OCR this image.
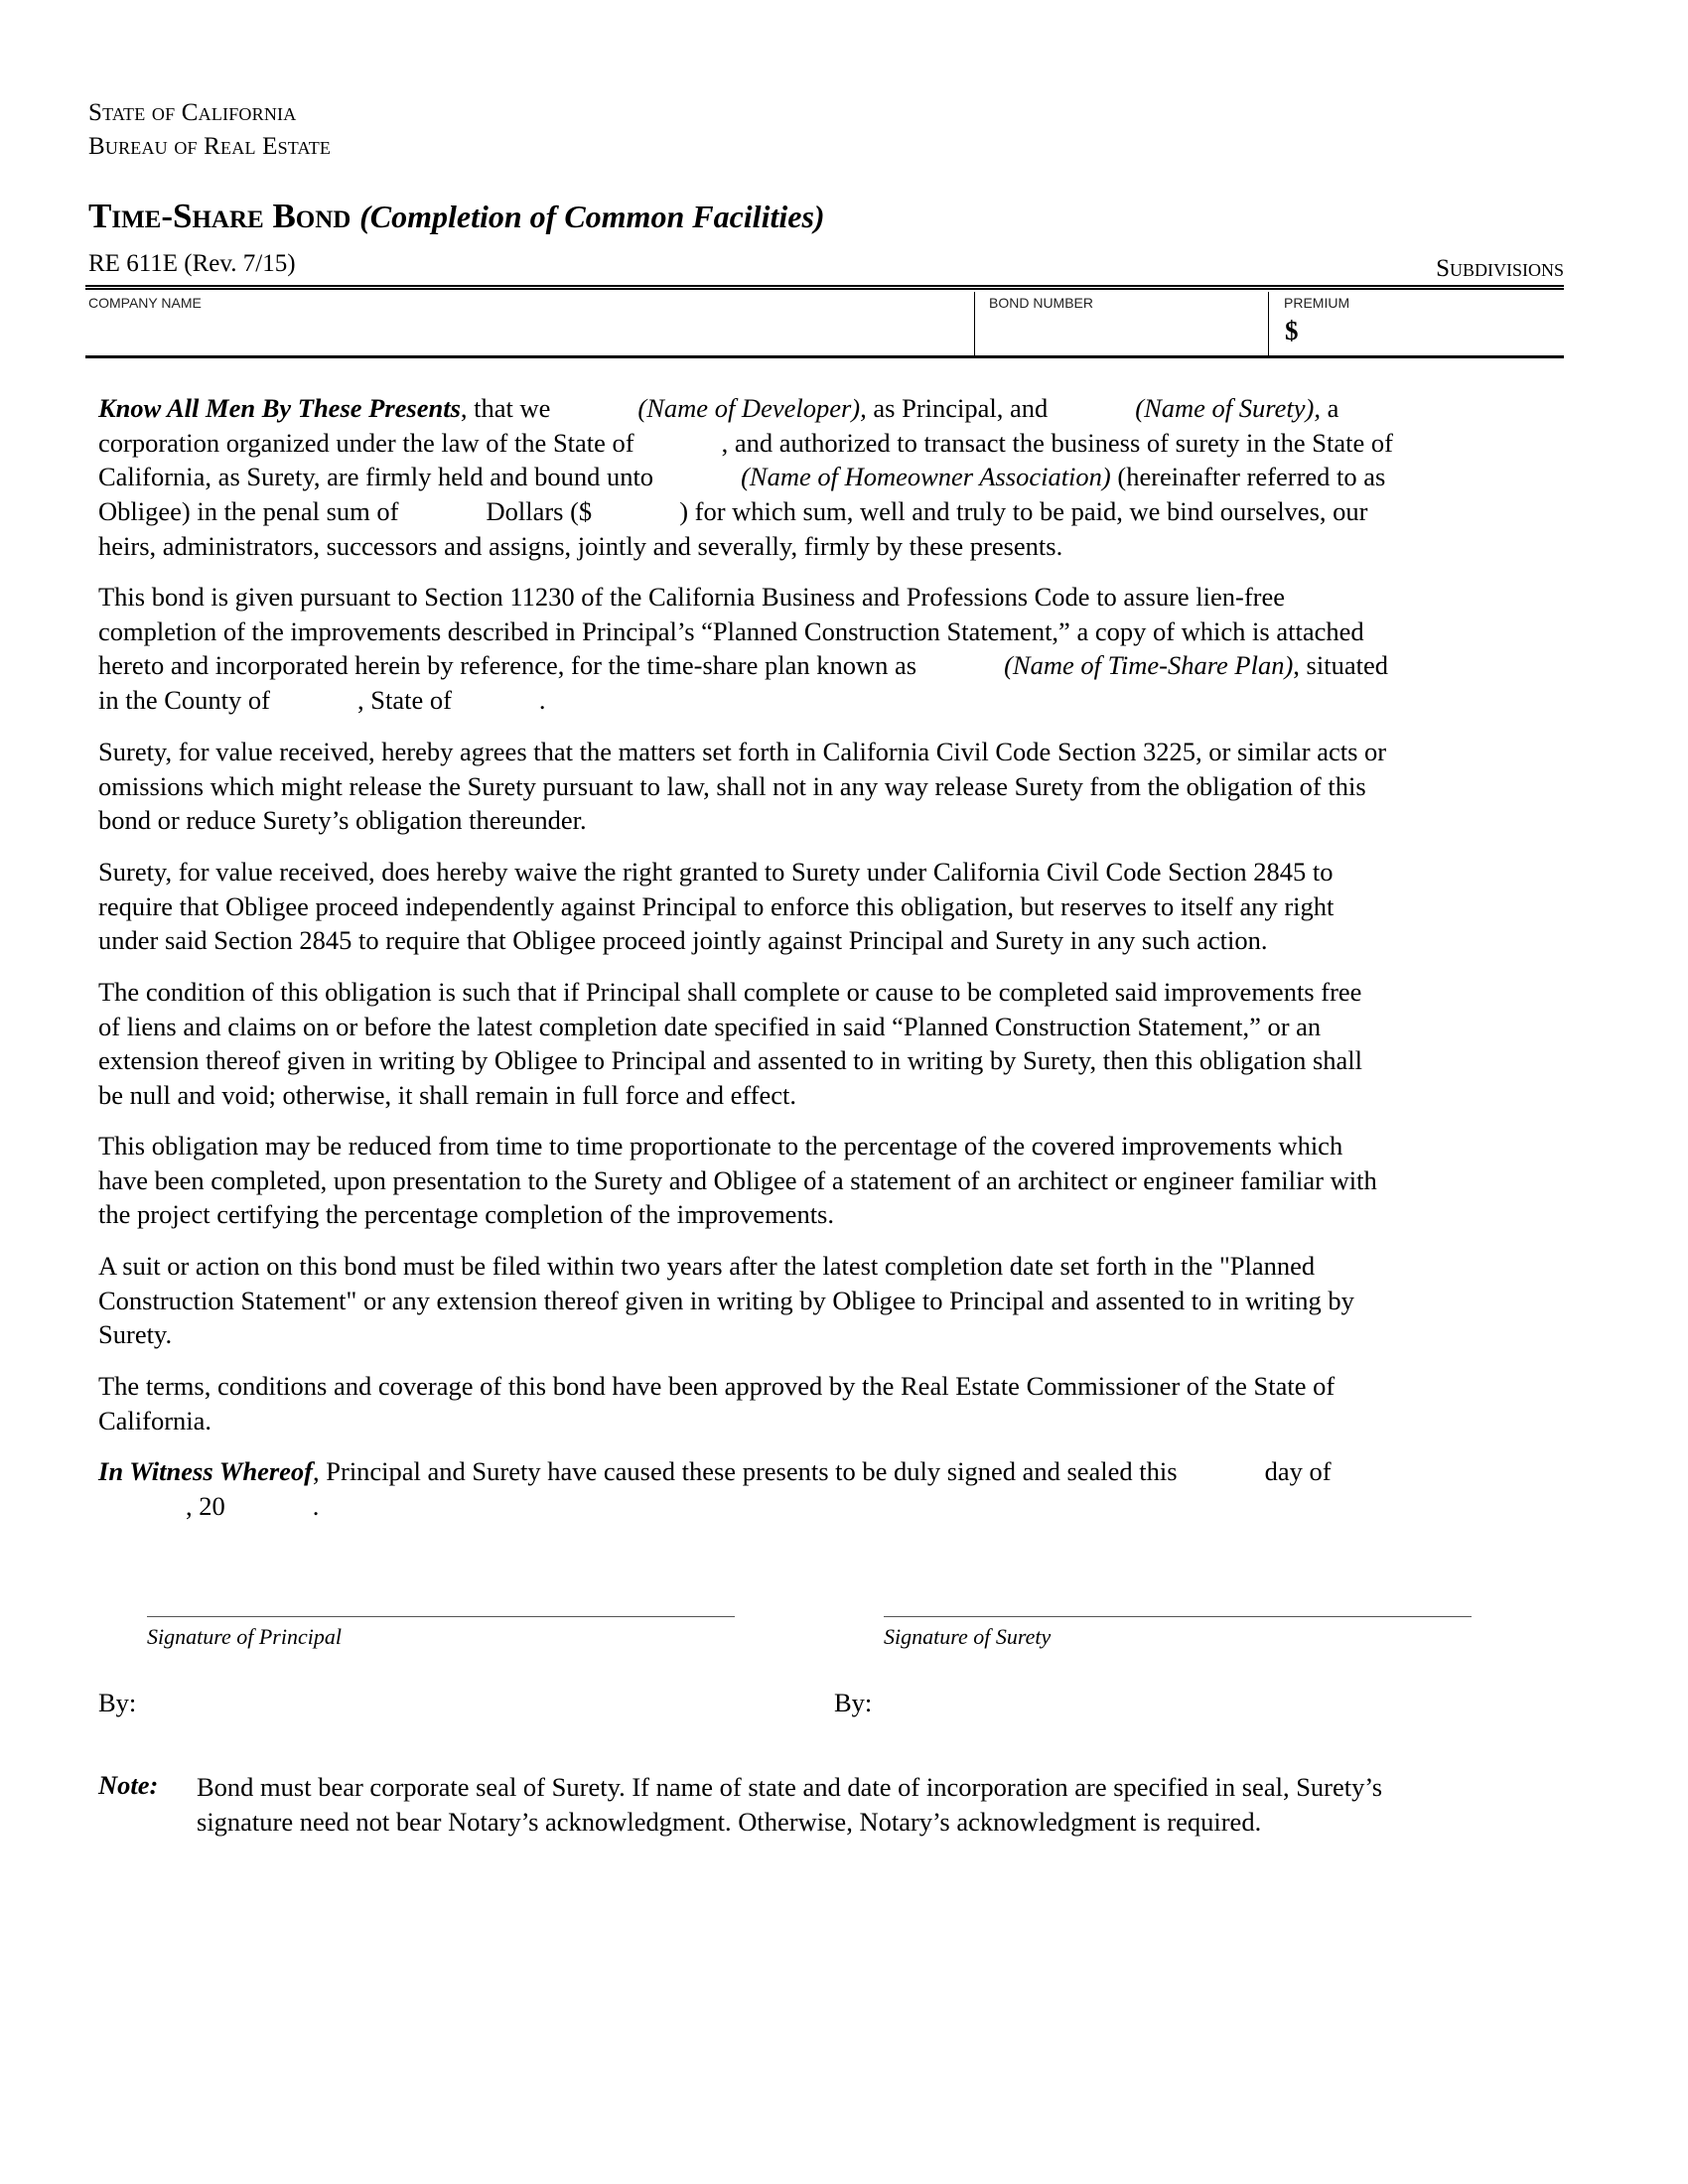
State of California
Bureau of Real Estate
Time-Share Bond (Completion of Common Facilities)
RE 611E (Rev. 7/15)	Subdivisions
COMPANY NAME	BOND NUMBER	PREMIUM
$
Know All Men By These Presents, that we	(Name of Developer), as Principal, and	(Name of Surety), a
corporation organized under the law of the State of	, and authorized to transact the business of surety in the State of
California, as Surety, are firmly held and bound unto	(Name of Homeowner Association) (hereinafter referred to as
Obligee) in the penal sum of	Dollars ($	) for which sum, well and truly to be paid, we bind ourselves, our
heirs, administrators, successors and assigns, jointly and severally, firmly by these presents.
This bond is given pursuant to Section 11230 of the California Business and Professions Code to assure lien-free
completion of the improvements described in Principal’s “Planned Construction Statement,” a copy of which is attached
hereto and incorporated herein by reference, for the time-share plan known as	(Name of Time-Share Plan), situated
in the County of	, State of	.
Surety, for value received, hereby agrees that the matters set forth in California Civil Code Section 3225, or similar acts or
omissions which might release the Surety pursuant to law, shall not in any way release Surety from the obligation of this
bond or reduce Surety’s obligation thereunder.
Surety, for value received, does hereby waive the right granted to Surety under California Civil Code Section 2845 to
require that Obligee proceed independently against Principal to enforce this obligation, but reserves to itself any right
under said Section 2845 to require that Obligee proceed jointly against Principal and Surety in any such action.
The condition of this obligation is such that if Principal shall complete or cause to be completed said improvements free
of liens and claims on or before the latest completion date specified in said “Planned Construction Statement,” or an
extension thereof given in writing by Obligee to Principal and assented to in writing by Surety, then this obligation shall
be null and void; otherwise, it shall remain in full force and effect.
This obligation may be reduced from time to time proportionate to the percentage of the covered improvements which
have been completed, upon presentation to the Surety and Obligee of a statement of an architect or engineer familiar with
the project certifying the percentage completion of the improvements.
A suit or action on this bond must be filed within two years after the latest completion date set forth in the "Planned
Construction Statement" or any extension thereof given in writing by Obligee to Principal and assented to in writing by
Surety.
The terms, conditions and coverage of this bond have been approved by the Real Estate Commissioner of the State of
California.
In Witness Whereof, Principal and Surety have caused these presents to be duly signed and sealed this	day of
, 20	.
Signature of Principal	Signature of Surety
By:	By:
Note: Bond must bear corporate seal of Surety. If name of state and date of incorporation are specified in seal, Surety’s
signature need not bear Notary’s acknowledgment. Otherwise, Notary’s acknowledgment is required.
